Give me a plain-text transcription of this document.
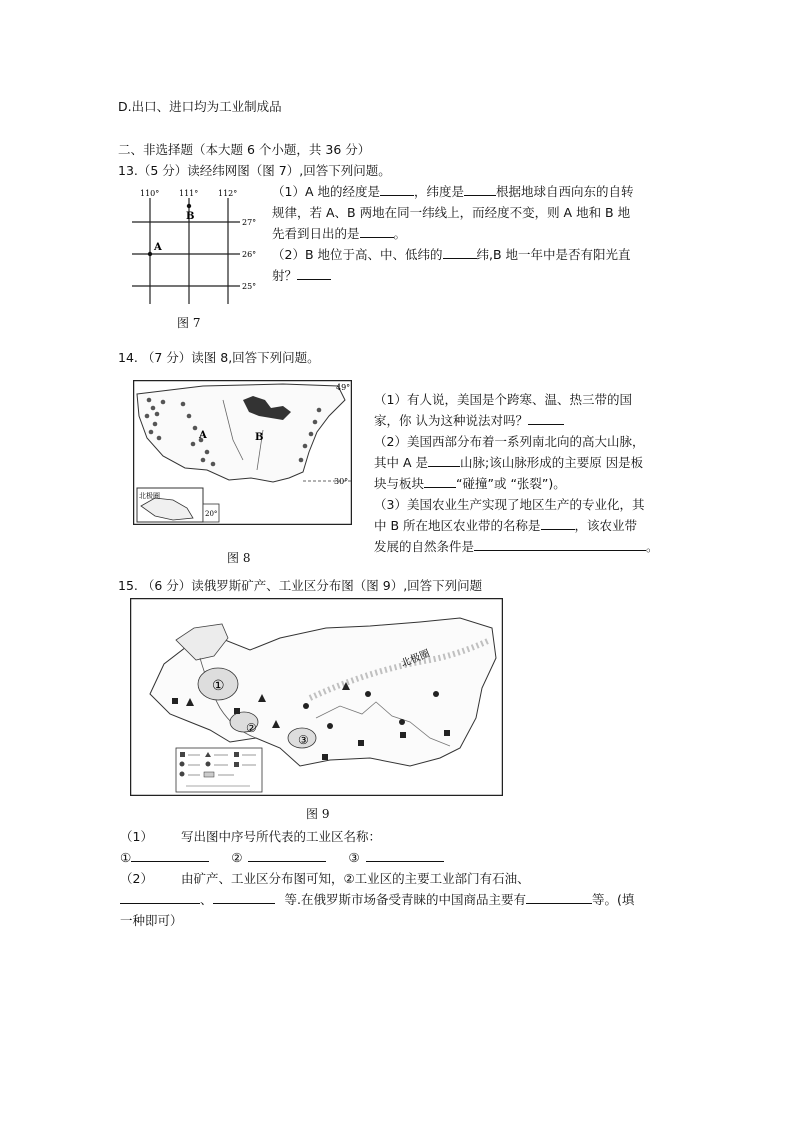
D.出口、进口均为工业制成品
二、非选择题（本大题 6 个小题，共 36 分）
13.（5 分）读经纬网图（图 7）,回答下列问题。
110° 111° 112°
27°
26°
25°
B
A
图 7
（1）A 地的经度是	，纬度是	根据地球自西向东的自转
规律，若 A、B 两地在同一纬线上，而经度不变，则 A 地和 B 地
先看到日出的是	。
（2）B 地位于高、中、低纬的	纬,B 地一年中是否有阳光直
射？
14. （7 分）读图 8,回答下列问题。
A	B
49°
30°
北极圈
20°
图 8
（1）有人说，美国是个跨寒、温、热三带的国
家，你 认为这种说法对吗？
（2）美国西部分布着一系列南北向的高大山脉，
其中 A 是	山脉;该山脉形成的主要原 因是板
块与板块	“碰撞”或 “张裂”)。
（3）美国农业生产实现了地区生产的专业化，其
中 B 所在地区农业带的名称是	，该农业带
发展的自然条件是	。
15. （6 分）读俄罗斯矿产、工业区分布图（图 9）,回答下列问题
北极圈
①
②
③
图 9
（1） 写出图中序号所代表的工业区名称：
①	②	③
（2） 由矿产、工业区分布图可知，②工业区的主要工业部门有石油、
、	等.在俄罗斯市场备受青睐的中国商品主要有	等。(填
一种即可）
